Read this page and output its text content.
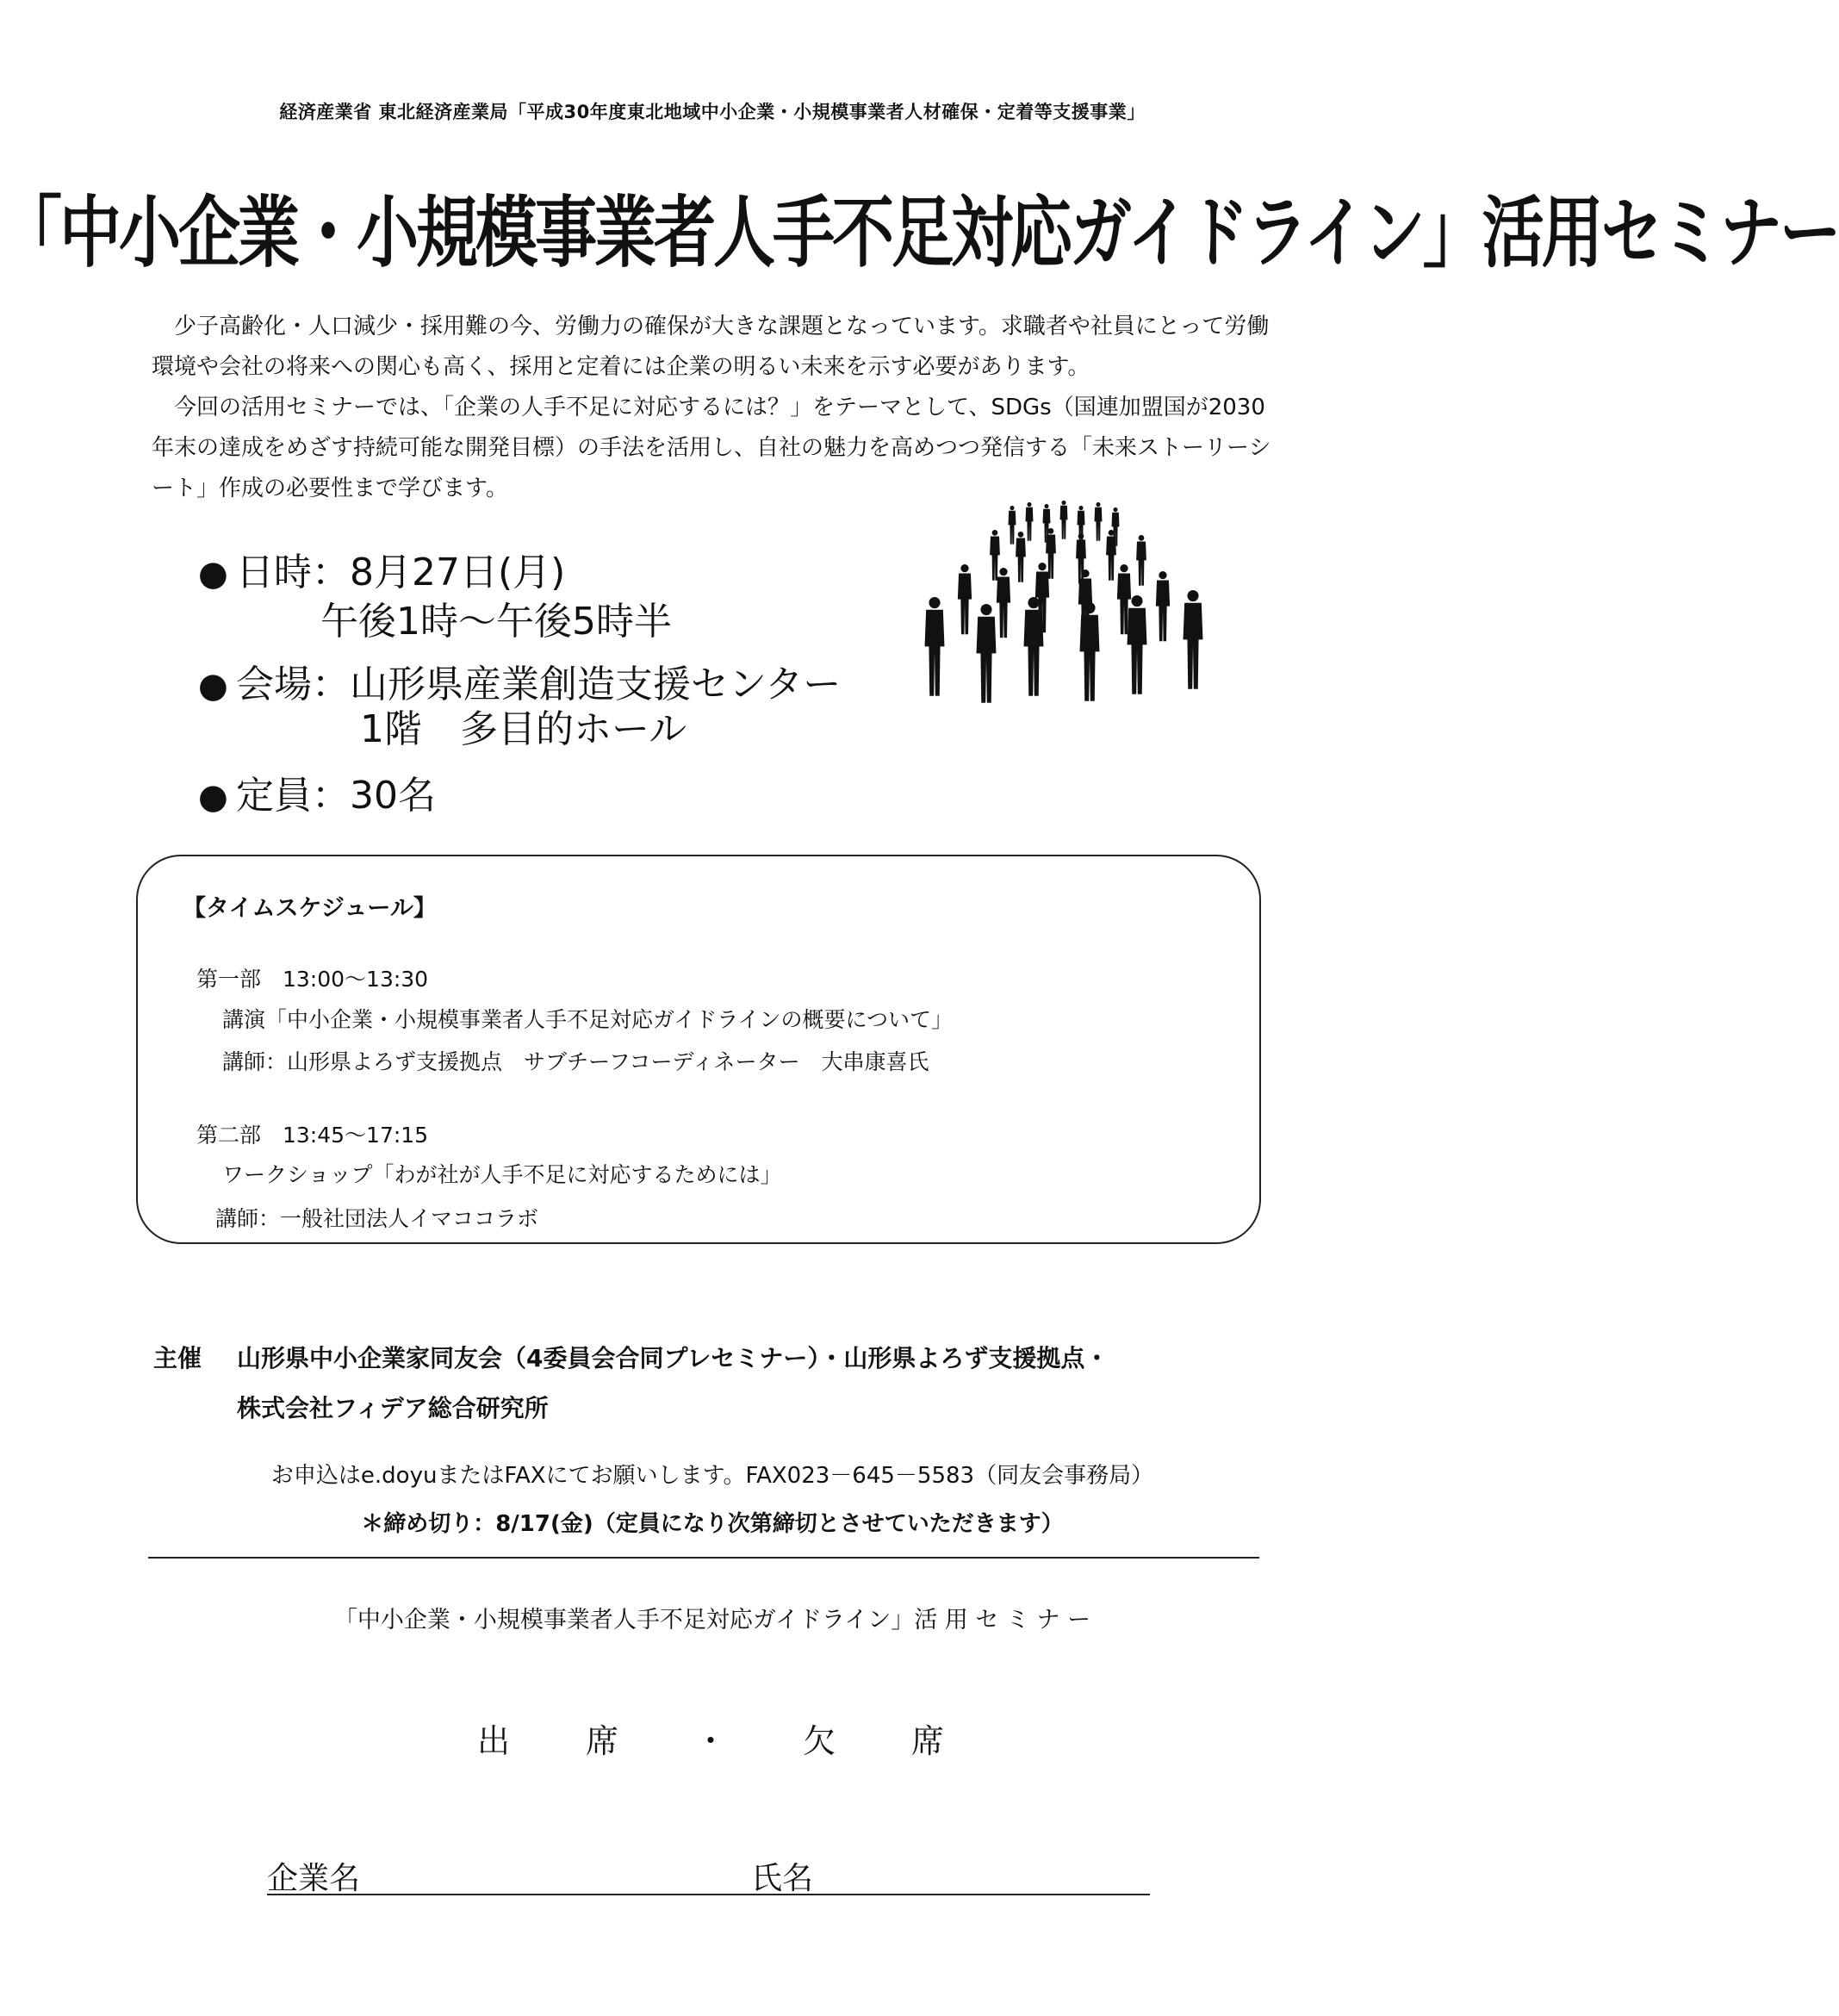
経済産業省 東北経済産業局「平成30年度東北地域中小企業・小規模事業者人材確保・定着等支援事業」
「中小企業・小規模事業者人手不足対応ガイドライン」活用セミナー

少子高齢化・人口減少・採用難の今、労働力の確保が大きな課題となっています。求職者や社員にとって労働環境や会社の将来への関心も高く、採用と定着には企業の明るい未来を示す必要があります。

今回の活用セミナーでは、「企業の人手不足に対応するには？」をテーマとして、SDGs（国連加盟国が2030年末の達成をめざす持続可能な開発目標）の手法を活用し、自社の魅力を高めつつ発信する「未来ストーリーシート」作成の必要性まで学びます。

● 日時：8月27日(月)
午後1時～午後5時半
● 会場：山形県産業創造支援センター
1階　多目的ホール
● 定員：30名
【タイムスケジュール】
第一部　13:00～13:30
講演「中小企業・小規模事業者人手不足対応ガイドラインの概要について」
講師：山形県よろず支援拠点　サブチーフコーディネーター　大串康喜氏
第二部　13:45～17:15
ワークショップ「わが社が人手不足に対応するためには」
講師：一般社団法人イマココラボ
主催 山形県中小企業家同友会（4委員会合同プレセミナー）・山形県よろず支援拠点・
株式会社フィデア総合研究所
お申込はe.doyuまたはFAXにてお願いします。FAX023－645－5583（同友会事務局）
＊締め切り：8/17(金)（定員になり次第締切とさせていただきます）
「中小企業・小規模事業者人手不足対応ガイドライン」活 用 セ ミ ナ ー
出　　席　　・　　欠　　席
企業名	氏名
